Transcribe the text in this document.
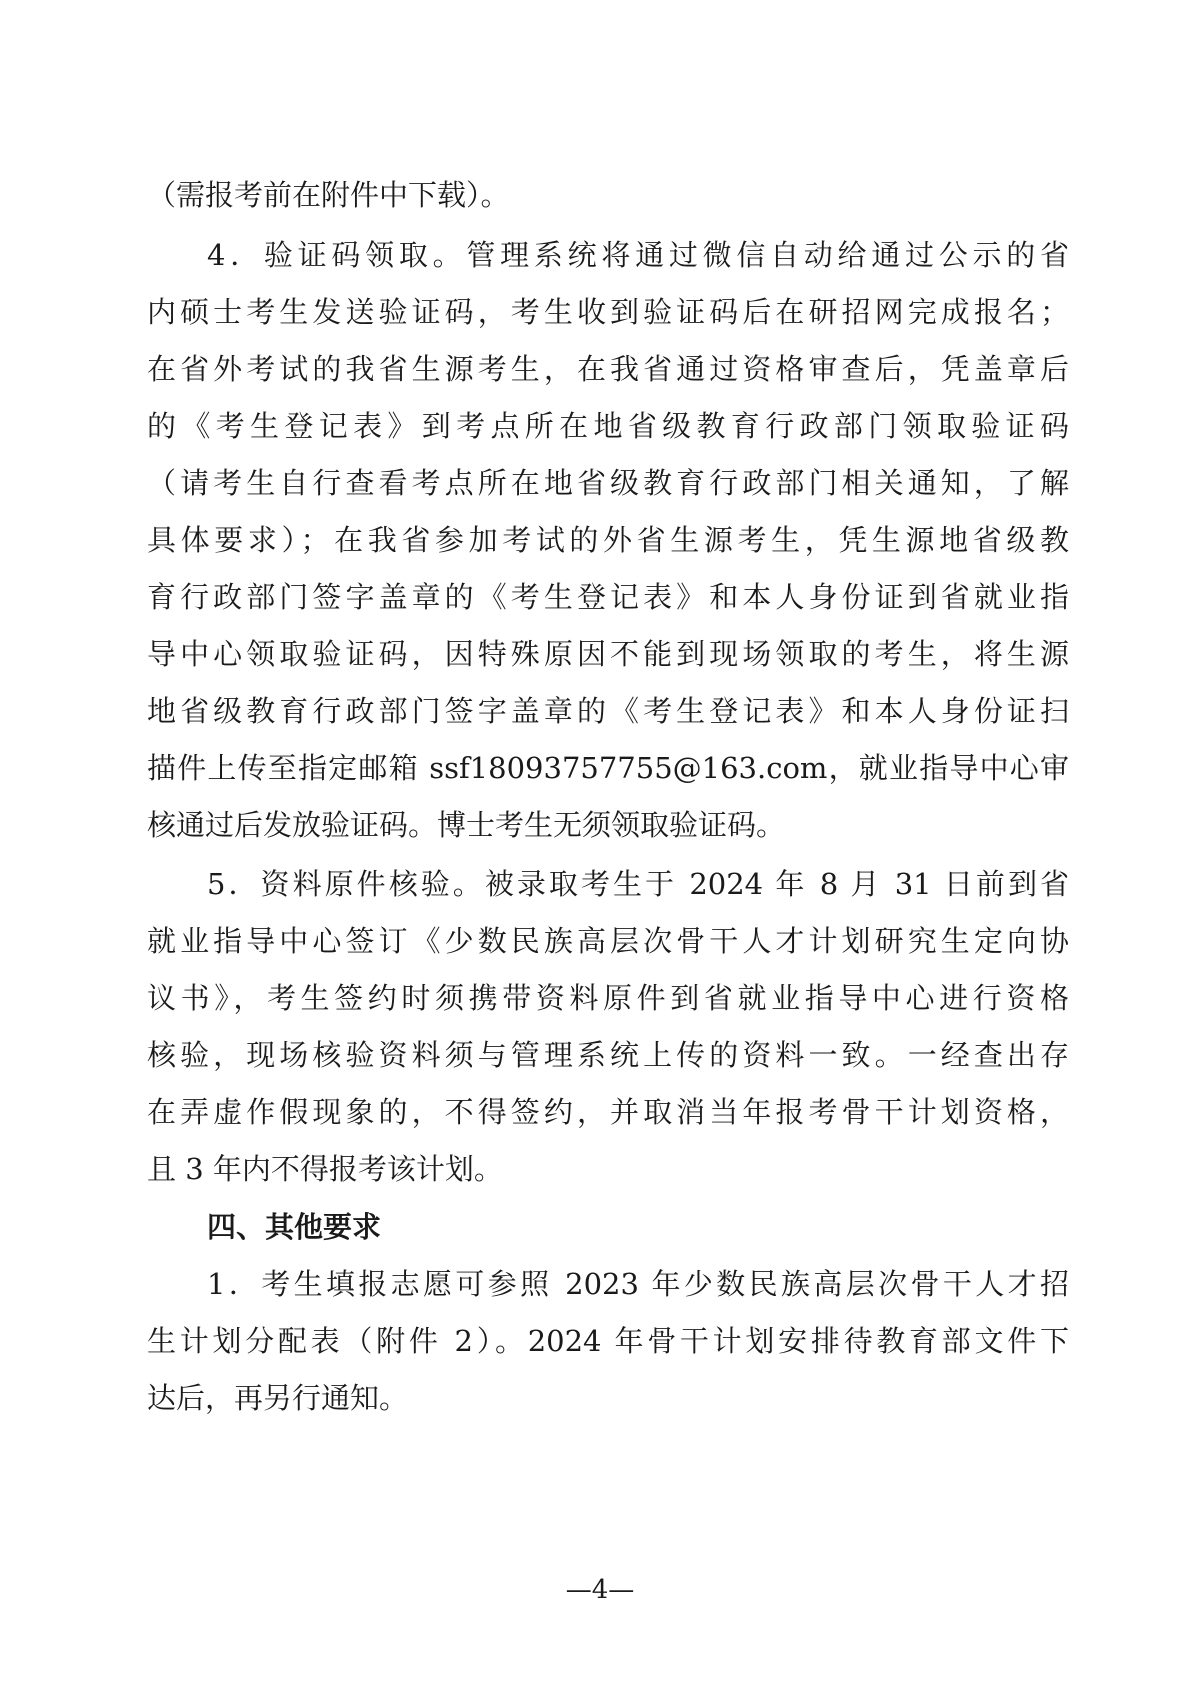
（需报考前在附件中下载）。
4．验证码领取。管理系统将通过微信自动给通过公示的省
内硕士考生发送验证码，考生收到验证码后在研招网完成报名；
在省外考试的我省生源考生，在我省通过资格审查后，凭盖章后
的《考生登记表》到考点所在地省级教育行政部门领取验证码
（请考生自行查看考点所在地省级教育行政部门相关通知，了解
具体要求）；在我省参加考试的外省生源考生，凭生源地省级教
育行政部门签字盖章的《考生登记表》和本人身份证到省就业指
导中心领取验证码，因特殊原因不能到现场领取的考生，将生源
地省级教育行政部门签字盖章的《考生登记表》和本人身份证扫
描件上传至指定邮箱 ssf18093757755@163.com，就业指导中心审
核通过后发放验证码。博士考生无须领取验证码。
5．资料原件核验。被录取考生于 2024 年 8 月 31 日前到省
就业指导中心签订《少数民族高层次骨干人才计划研究生定向协
议书》，考生签约时须携带资料原件到省就业指导中心进行资格
核验，现场核验资料须与管理系统上传的资料一致。一经查出存
在弄虚作假现象的，不得签约，并取消当年报考骨干计划资格，
且 3 年内不得报考该计划。
四、其他要求
1．考生填报志愿可参照 2023 年少数民族高层次骨干人才招
生计划分配表（附件 2）。2024 年骨干计划安排待教育部文件下
达后，再另行通知。
—4—
